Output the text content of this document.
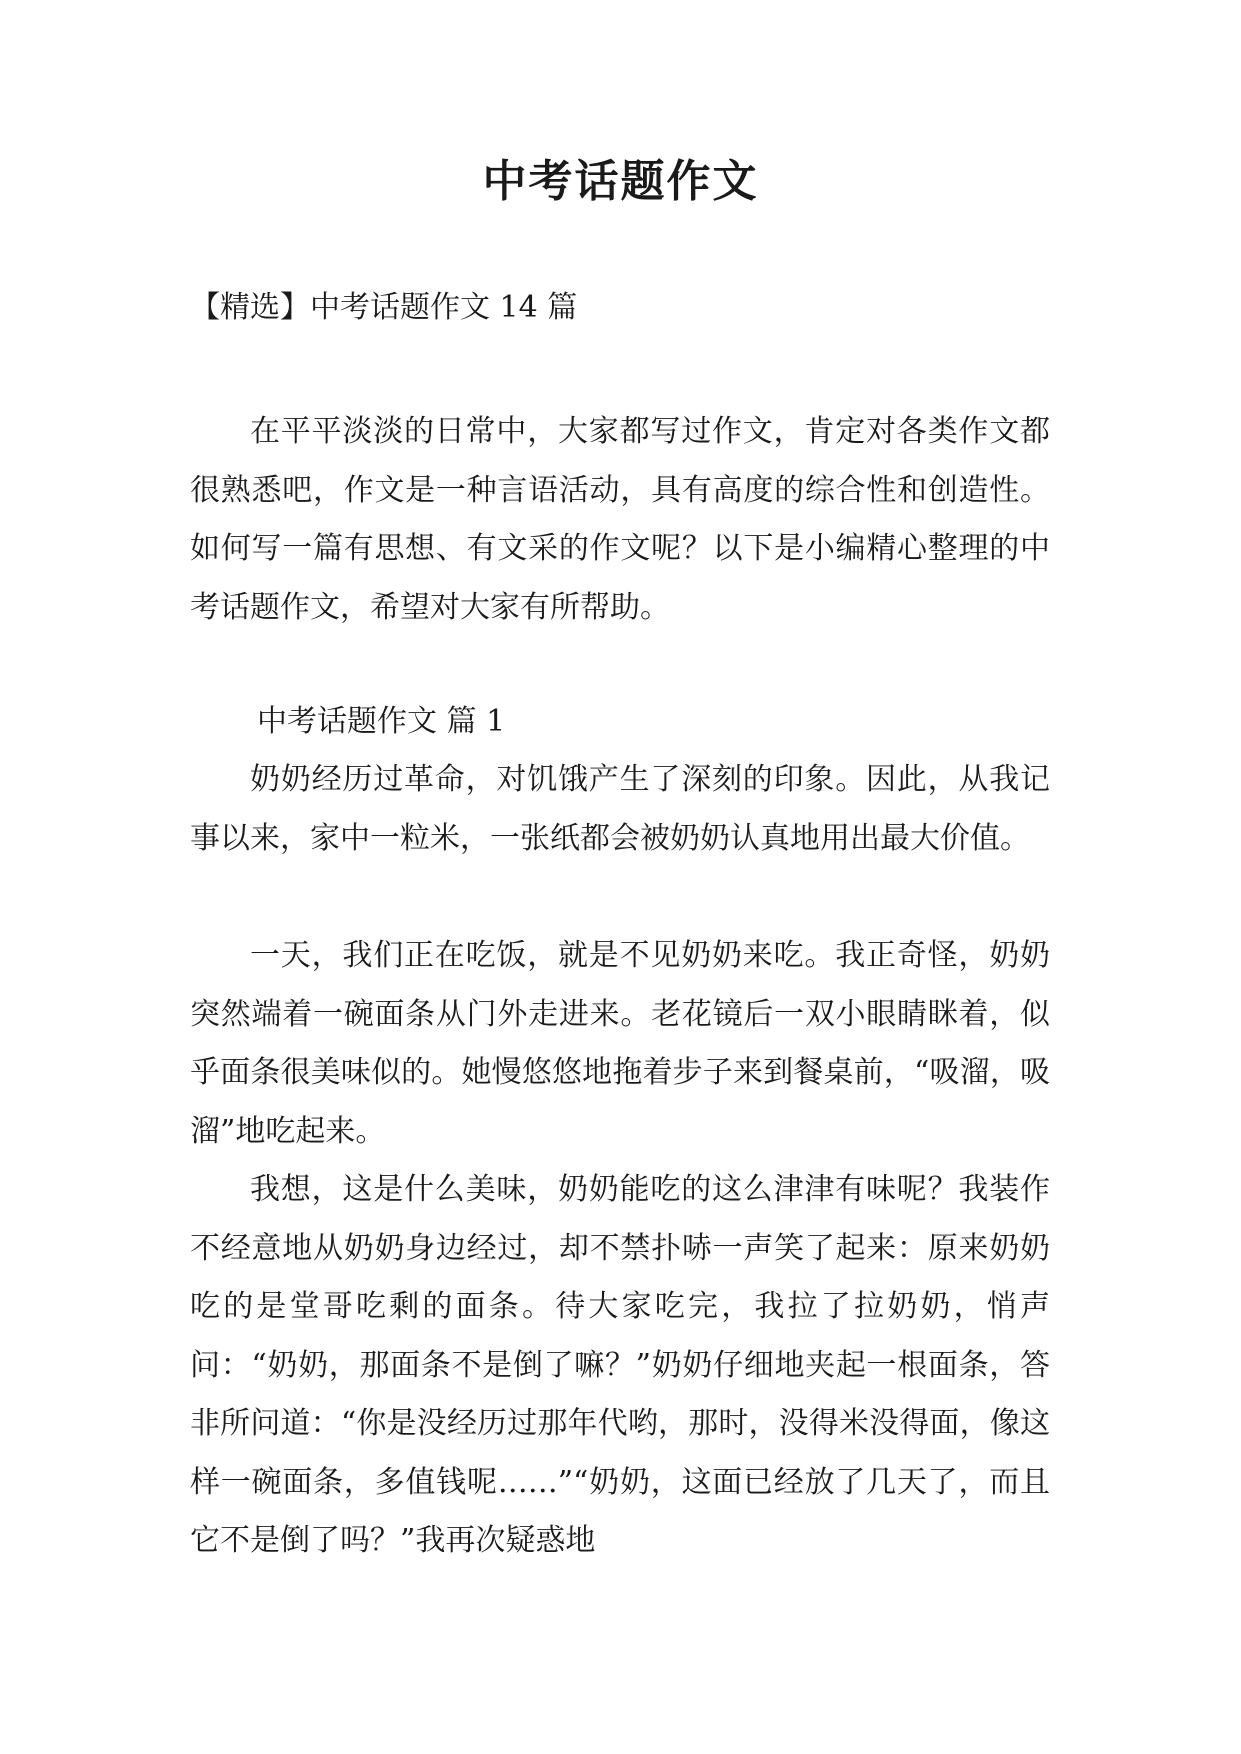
中考话题作文

【精选】中考话题作文 14 篇

在平平淡淡的日常中，大家都写过作文，肯定对各类作文都很熟悉吧，作文是一种言语活动，具有高度的综合性和创造性。如何写一篇有思想、有文采的作文呢？以下是小编精心整理的中考话题作文，希望对大家有所帮助。

中考话题作文 篇 1

奶奶经历过革命，对饥饿产生了深刻的印象。因此，从我记事以来，家中一粒米，一张纸都会被奶奶认真地用出最大价值。

一天，我们正在吃饭，就是不见奶奶来吃。我正奇怪，奶奶突然端着一碗面条从门外走进来。老花镜后一双小眼睛眯着，似乎面条很美味似的。她慢悠悠地拖着步子来到餐桌前，“吸溜，吸溜”地吃起来。

我想，这是什么美味，奶奶能吃的这么津津有味呢？我装作不经意地从奶奶身边经过，却不禁扑哧一声笑了起来：原来奶奶吃的是堂哥吃剩的面条。待大家吃完，我拉了拉奶奶，悄声问：“奶奶，那面条不是倒了嘛？”奶奶仔细地夹起一根面条，答非所问道：“你是没经历过那年代哟，那时，没得米没得面，像这样一碗面条，多值钱呢……”“奶奶，这面已经放了几天了，而且它不是倒了吗？”我再次疑惑地
